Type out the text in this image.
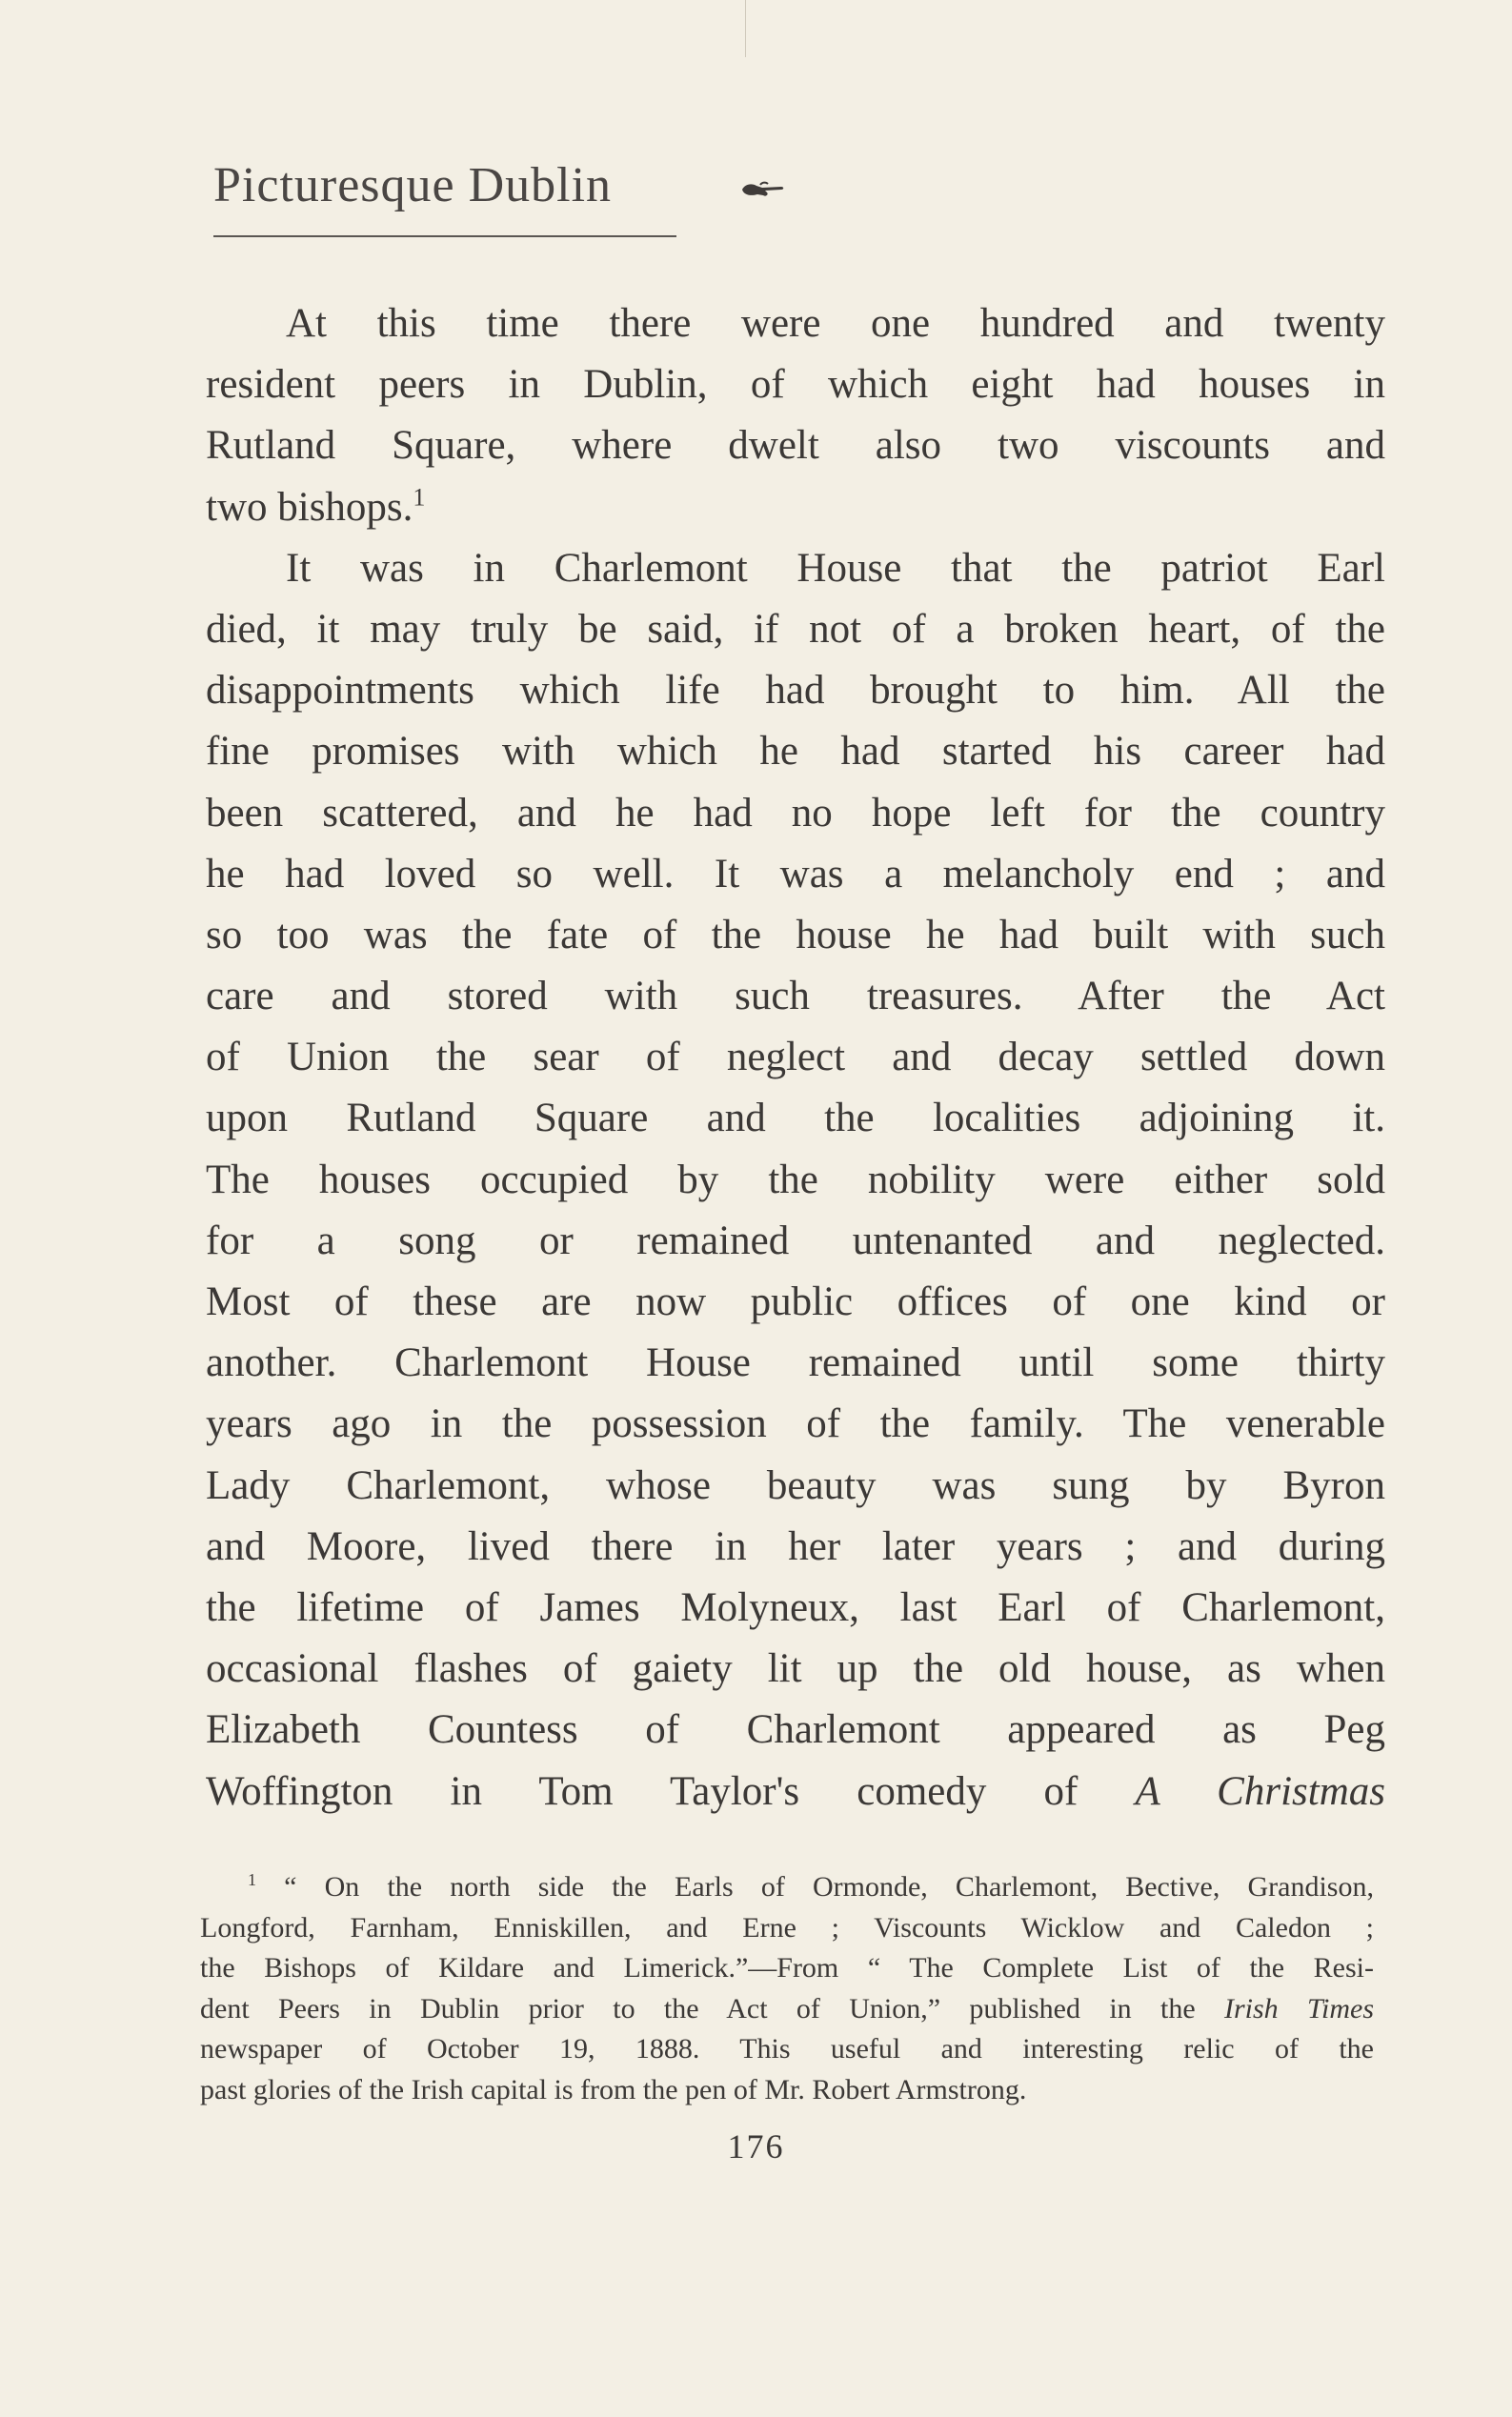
Picturesque Dublin
At this time there were one hundred and twenty
resident peers in Dublin, of which eight had houses in
Rutland Square, where dwelt also two viscounts and
two bishops.$^1$
It was in Charlemont House that the patriot Earl
died, it may truly be said, if not of a broken heart, of the
disappointments which life had brought to him. All the
fine promises with which he had started his career had
been scattered, and he had no hope left for the country
he had loved so well. It was a melancholy end ; and
so too was the fate of the house he had built with such
care and stored with such treasures. After the Act
of Union the sear of neglect and decay settled down
upon Rutland Square and the localities adjoining it.
The houses occupied by the nobility were either sold
for a song or remained untenanted and neglected.
Most of these are now public offices of one kind or
another. Charlemont House remained until some thirty
years ago in the possession of the family. The venerable
Lady Charlemont, whose beauty was sung by Byron
and Moore, lived there in her later years ; and during
the lifetime of James Molyneux, last Earl of Charlemont,
occasional flashes of gaiety lit up the old house, as when
Elizabeth Countess of Charlemont appeared as Peg
Woffington in Tom Taylor's comedy of A Christmas
$^1$ “ On the north side the Earls of Ormonde, Charlemont, Bective, Grandison,
Longford, Farnham, Enniskillen, and Erne ; Viscounts Wicklow and Caledon ;
the Bishops of Kildare and Limerick.”—From “ The Complete List of the Resi-
dent Peers in Dublin prior to the Act of Union,” published in the Irish Times
newspaper of October 19, 1888. This useful and interesting relic of the
past glories of the Irish capital is from the pen of Mr. Robert Armstrong.
176
